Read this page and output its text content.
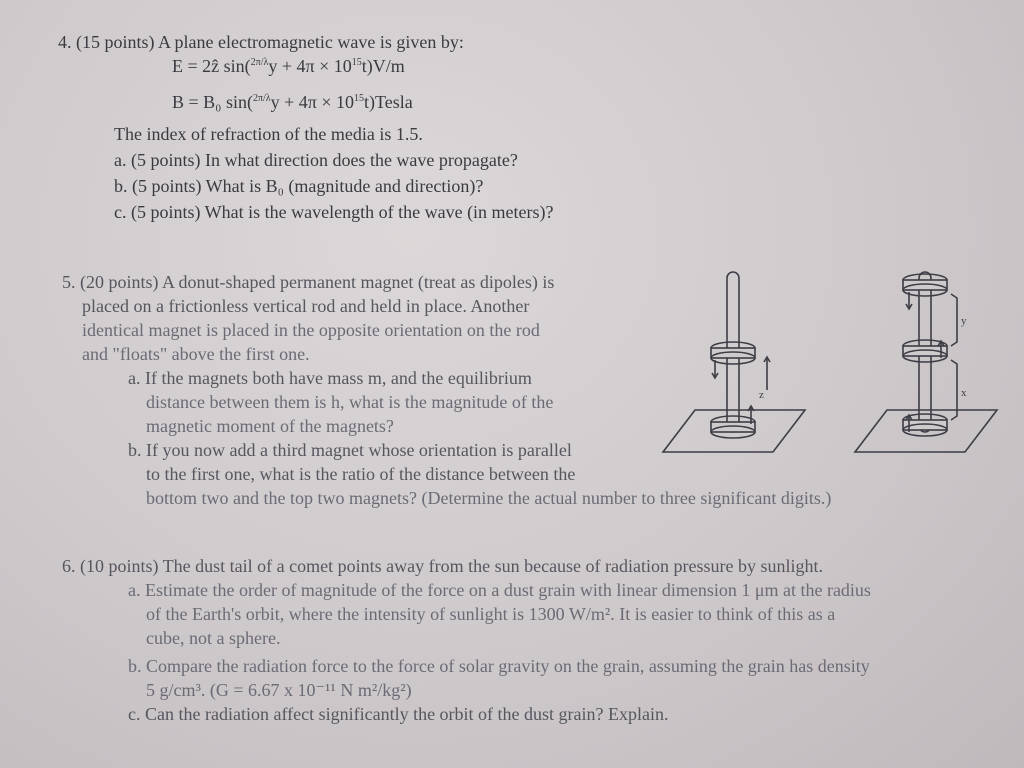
4. (15 points) A plane electromagnetic wave is given by:
E = 2ẑ $\sin(^{2\pi/\lambda}y + 4\pi \times 10^{15}t)V/m$
B = B₀ $\sin(^{2\pi/\lambda}y + 4\pi \times 10^{15}t)Tesla$
The index of refraction of the media is 1.5.
a. (5 points) In what direction does the wave propagate?
b. (5 points) What is B₀ (magnitude and direction)?
c. (5 points) What is the wavelength of the wave (in meters)?
5. (20 points) A donut-shaped permanent magnet (treat as dipoles) is
placed on a frictionless vertical rod and held in place. Another
identical magnet is placed in the opposite orientation on the rod
and "floats" above the first one.
a. If the magnets both have mass m, and the equilibrium
distance between them is h, what is the magnitude of the
magnetic moment of the magnets?
b. If you now add a third magnet whose orientation is parallel
to the first one, what is the ratio of the distance between the
bottom two and the top two magnets? (Determine the actual number to three significant digits.)
z
y
x
6. (10 points) The dust tail of a comet points away from the sun because of radiation pressure by sunlight.
a. Estimate the order of magnitude of the force on a dust grain with linear dimension 1 μm at the radius
of the Earth's orbit, where the intensity of sunlight is 1300 W/m². It is easier to think of this as a
cube, not a sphere.
b. Compare the radiation force to the force of solar gravity on the grain, assuming the grain has density
5 g/cm³. (G = 6.67 x 10⁻¹¹ N m²/kg²)
c. Can the radiation affect significantly the orbit of the dust grain? Explain.
